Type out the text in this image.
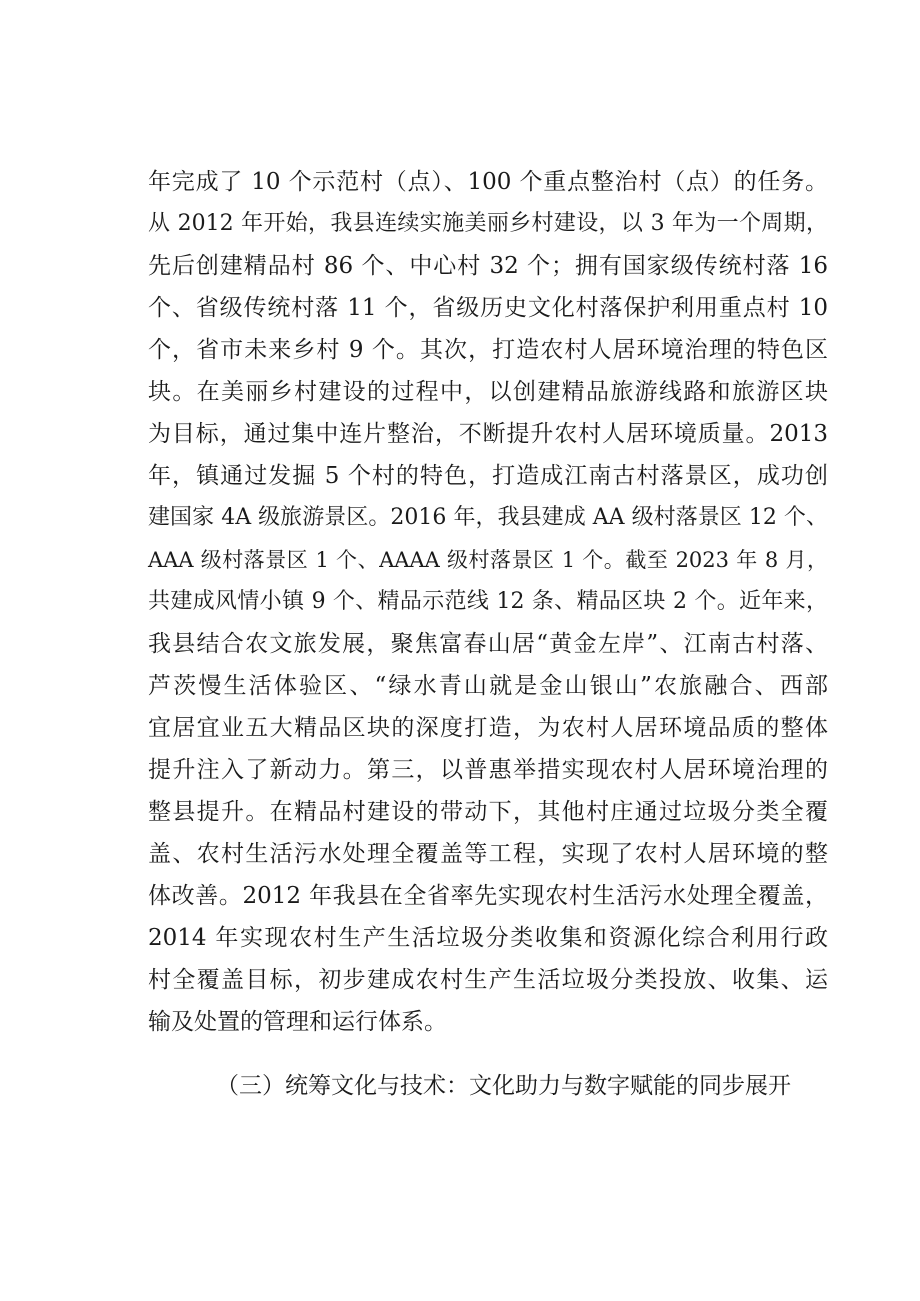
年完成了 10 个示范村（点）、100 个重点整治村（点）的任务。
从 2012 年开始，我县连续实施美丽乡村建设，以 3 年为一个周期，
先后创建精品村 86 个、中心村 32 个；拥有国家级传统村落 16
个、省级传统村落 11 个，省级历史文化村落保护利用重点村 10
个，省市未来乡村 9 个。其次，打造农村人居环境治理的特色区
块。在美丽乡村建设的过程中，以创建精品旅游线路和旅游区块
为目标，通过集中连片整治，不断提升农村人居环境质量。2013
年，镇通过发掘 5 个村的特色，打造成江南古村落景区，成功创
建国家 4A 级旅游景区。2016 年，我县建成 AA 级村落景区 12 个、
AAA 级村落景区 1 个、AAAA 级村落景区 1 个。截至 2023 年 8 月，
共建成风情小镇 9 个、精品示范线 12 条、精品区块 2 个。近年来，
我县结合农文旅发展，聚焦富春山居“黄金左岸”、江南古村落、
芦茨慢生活体验区、“绿水青山就是金山银山”农旅融合、西部
宜居宜业五大精品区块的深度打造，为农村人居环境品质的整体
提升注入了新动力。第三，以普惠举措实现农村人居环境治理的
整县提升。在精品村建设的带动下，其他村庄通过垃圾分类全覆
盖、农村生活污水处理全覆盖等工程，实现了农村人居环境的整
体改善。2012 年我县在全省率先实现农村生活污水处理全覆盖，
2014 年实现农村生产生活垃圾分类收集和资源化综合利用行政
村全覆盖目标，初步建成农村生产生活垃圾分类投放、收集、运
输及处置的管理和运行体系。
（三）统筹文化与技术：文化助力与数字赋能的同步展开
